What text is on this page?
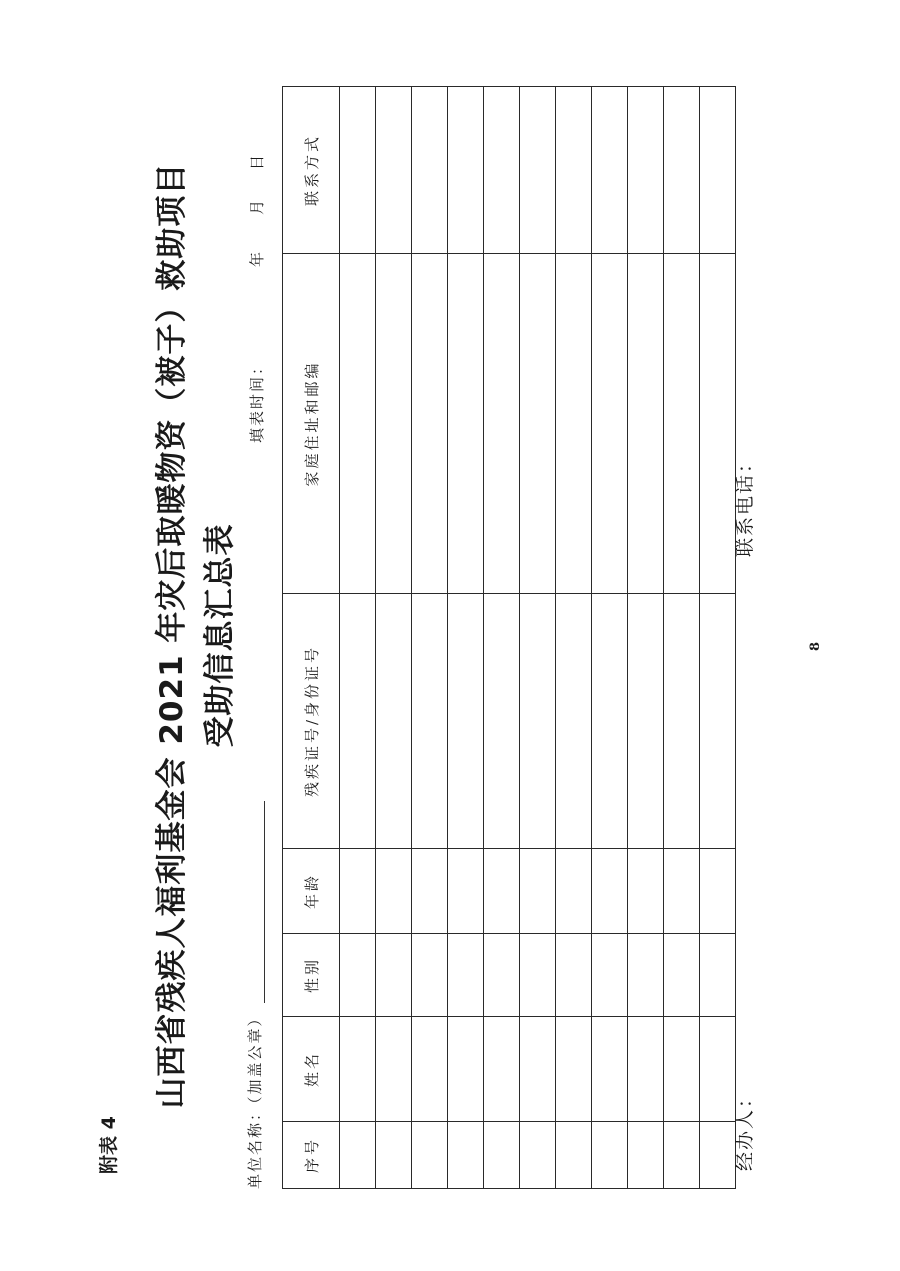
附表 4
山西省残疾人福利基金会 2021 年灾后取暖物资（被子）救助项目 受助信息汇总表
单位名称：（加盖公章）
填表时间：
年
月
日
序号	姓名	性别	年龄	残疾证号/身份证号	家庭住址和邮编	联系方式

经办人：
联系电话：
8
